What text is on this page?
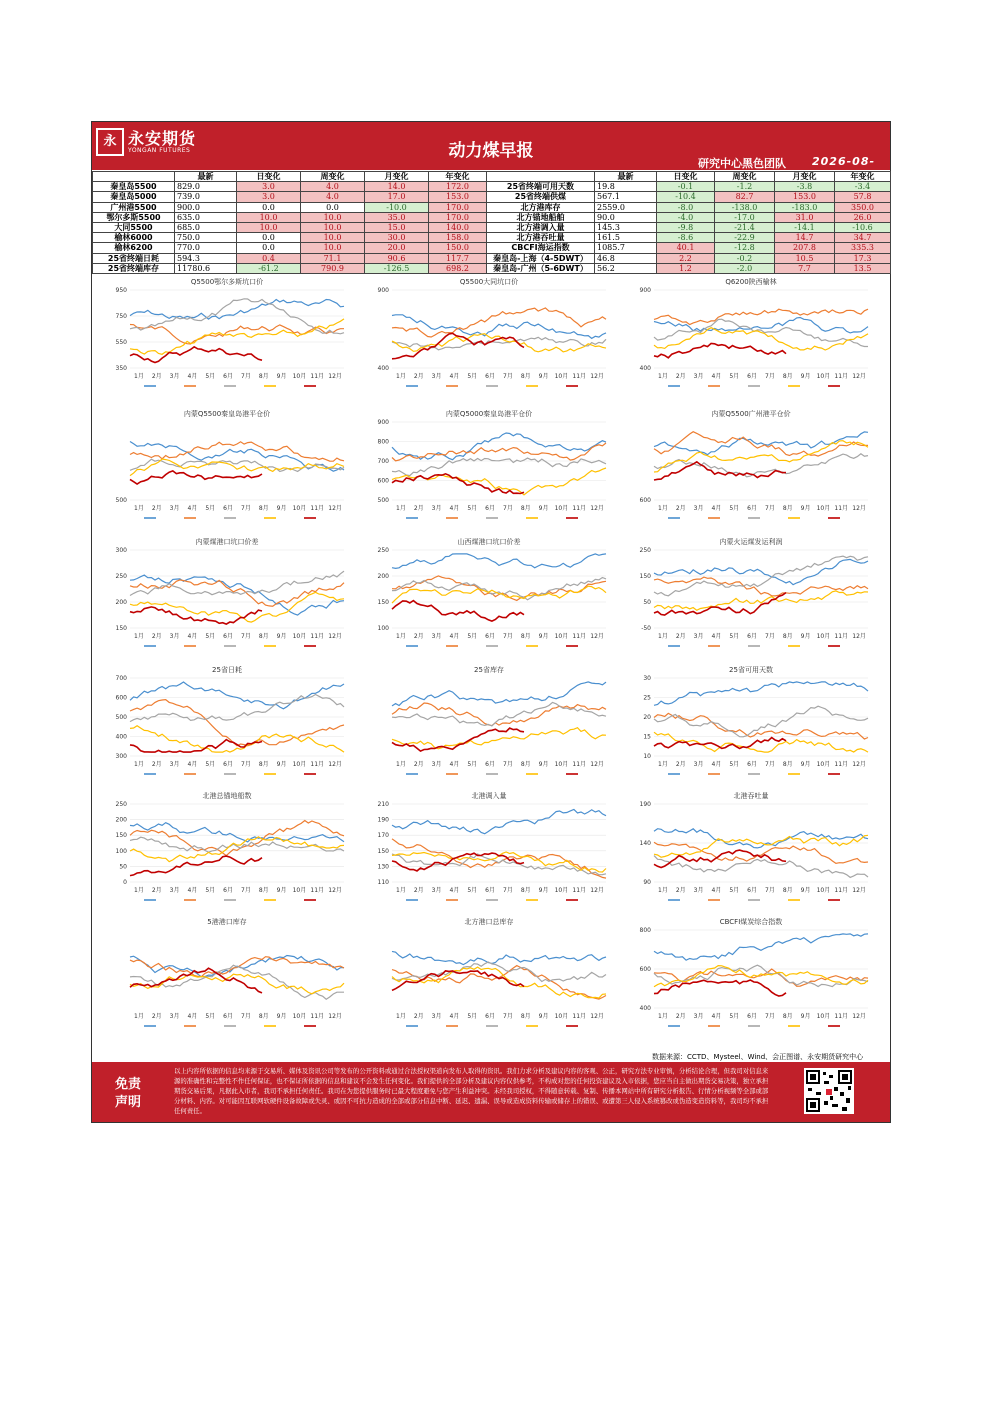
永 永安期货
YONGAN FUTURES	动力煤早报
研究中心黑色团队 2026-08-
	最新	日变化	周变化	月变化	年变化		最新	日变化	周变化	月变化	年变化
秦皇岛5500	829.0	3.0	4.0	14.0	172.0	25省终端可用天数	19.8	-0.1	-1.2	-3.8	-3.4
秦皇岛5000	739.0	3.0	4.0	17.0	153.0	25省终端供煤	567.1	-10.4	82.7	153.0	57.8
广州港5500	900.0	0.0	0.0	-10.0	170.0	北方港库存	2559.0	-8.0	-138.0	-183.0	350.0
鄂尔多斯5500	635.0	10.0	10.0	35.0	170.0	北方锚地船舶	90.0	-4.0	-17.0	31.0	26.0
大同5500	685.0	10.0	10.0	15.0	140.0	北方港调入量	145.3	-9.8	-21.4	-14.1	-10.6
榆林6000	750.0	0.0	10.0	30.0	158.0	北方港吞吐量	161.5	-8.6	-22.9	14.7	34.7
榆林6200	770.0	0.0	10.0	20.0	150.0	CBCFI海运指数	1085.7	40.1	-12.8	207.8	335.3
25省终端日耗	594.3	0.4	71.1	90.6	117.7	秦皇岛-上海（4-5DWT）	46.8	2.2	-0.2	10.5	17.3
25省终端库存	11780.6	-61.2	790.9	-126.5	698.2	秦皇岛-广州（5-6DWT）	56.2	1.2	-2.0	7.7	13.5
Q5500鄂尔多斯坑口价
950
750
550
350
1月 2月 3月 4月 5月 6月 7月 8月 9月 10月 11月 12月
Q5500大同坑口价
900
400
1月 2月 3月 4月 5月 6月 7月 8月 9月 10月 11月 12月
Q6200陕西榆林
900
400
1月 2月 3月 4月 5月 6月 7月 8月 9月 10月 11月 12月
内蒙Q5500秦皇岛港平仓价
500
1月 2月 3月 4月 5月 6月 7月 8月 9月 10月 11月 12月
内蒙Q5000秦皇岛港平仓价
900
800
700
600
500
1月 2月 3月 4月 5月 6月 7月 8月 9月 10月 11月 12月
内蒙Q5500广州港平仓价
600
1月 2月 3月 4月 5月 6月 7月 8月 9月 10月 11月 12月
内蒙煤港口坑口价差
300
250
200
150
1月 2月 3月 4月 5月 6月 7月 8月 9月 10月 11月 12月
山西煤港口坑口价差
250
200
150
100
1月 2月 3月 4月 5月 6月 7月 8月 9月 10月 11月 12月
内蒙火运煤发运利润
250
150
50
-50
1月 2月 3月 4月 5月 6月 7月 8月 9月 10月 11月 12月
25省日耗
700
600
500
400
300
1月 2月 3月 4月 5月 6月 7月 8月 9月 10月 11月 12月
25省库存
1月 2月 3月 4月 5月 6月 7月 8月 9月 10月 11月 12月
25省可用天数
30
25
20
15
10
1月 2月 3月 4月 5月 6月 7月 8月 9月 10月 11月 12月
北港总锚地船数
250
200
150
100
50
0
1月 2月 3月 4月 5月 6月 7月 8月 9月 10月 11月 12月
北港调入量
210
190
170
150
130
110
1月 2月 3月 4月 5月 6月 7月 8月 9月 10月 11月 12月
北港吞吐量
190
140
90
1月 2月 3月 4月 5月 6月 7月 8月 9月 10月 11月 12月
5港港口库存
1月 2月 3月 4月 5月 6月 7月 8月 9月 10月 11月 12月
北方港口总库存
1月 2月 3月 4月 5月 6月 7月 8月 9月 10月 11月 12月
CBCFI煤炭综合指数
800
600
400
1月 2月 3月 4月 5月 6月 7月 8月 9月 10月 11月 12月
数据来源：CCTD、Mysteel、Wind、会正图谱、永安期货研究中心
免责
声明
以上内容所依据的信息均来源于交易所、媒体及资讯公司等发布的公开资料或通过合法授权渠道向发布人取得的资讯。我们力求分析及建议内容的客观、公正，研究方法专业审慎，分析结论合理，但我司对信息来源的准确性和完整性不作任何保证，也不保证所依据的信息和建议不会发生任何变化。我们提供的全部分析及建议内容仅供参考，不构成对您的任何投资建议及入市依据，您应当自主做出期货交易决策，独立承担期货交易后果，凡据此入市者，我司不承担任何责任。我司在为您提供服务时已最大程度避免与您产生利益冲突。未经我司授权，不得随意转载、复制、传播本网站中所有研究分析报告、行情分析视频等全部或部分材料、内容。对可能因互联网软硬件设备故障或失灵、或因不可抗力造成的全部或部分信息中断、延迟、遗漏、误导或造成资料传输或储存上的错误、或遭第三人侵入系统篡改或伪造变造资料等，我司均不承担任何责任。
